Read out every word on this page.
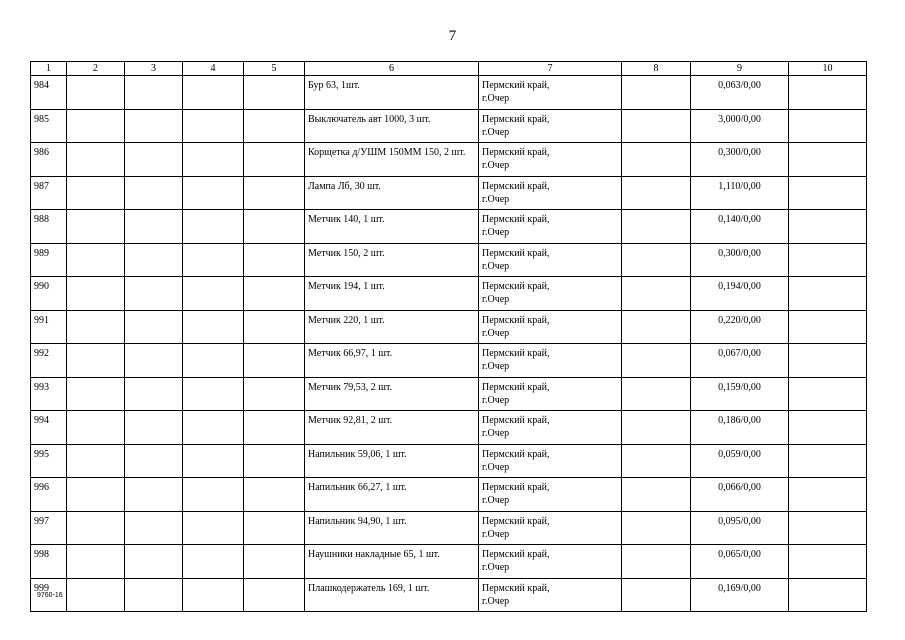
7
1	2	3	4	5	6	7	8	9	10
984					Бур 63, 1шт.	Пермский край,
г.Очер		0,063/0,00	
985					Выключатель авт 1000, 3 шт.	Пермский край,
г.Очер		3,000/0,00	
986					Корщетка д/УШМ 150ММ 150, 2 шт.	Пермский край,
г.Очер		0,300/0,00	
987					Лампа Лб, 30 шт.	Пермский край,
г.Очер		1,110/0,00	
988					Метчик 140, 1 шт.	Пермский край,
г.Очер		0,140/0,00	
989					Метчик 150, 2 шт.	Пермский край,
г.Очер		0,300/0,00	
990					Метчик 194, 1 шт.	Пермский край,
г.Очер		0,194/0,00	
991					Метчик 220, 1 шт.	Пермский край,
г.Очер		0,220/0,00	
992					Метчик 66,97, 1 шт.	Пермский край,
г.Очер		0,067/0,00	
993					Метчик 79,53, 2 шт.	Пермский край,
г.Очер		0,159/0,00	
994					Метчик 92,81, 2 шт.	Пермский край,
г.Очер		0,186/0,00	
995					Напильник 59,06, 1 шт.	Пермский край,
г.Очер		0,059/0,00	
996					Напильник 66,27, 1 шт.	Пермский край,
г.Очер		0,066/0,00	
997					Напильник 94,90, 1 шт.	Пермский край,
г.Очер		0,095/0,00	
998					Наушники накладные 65, 1 шт.	Пермский край,
г.Очер		0,065/0,00	
999					Плашкодержатель 169, 1 шт.	Пермский край,
г.Очер		0,169/0,00	
9760-16
